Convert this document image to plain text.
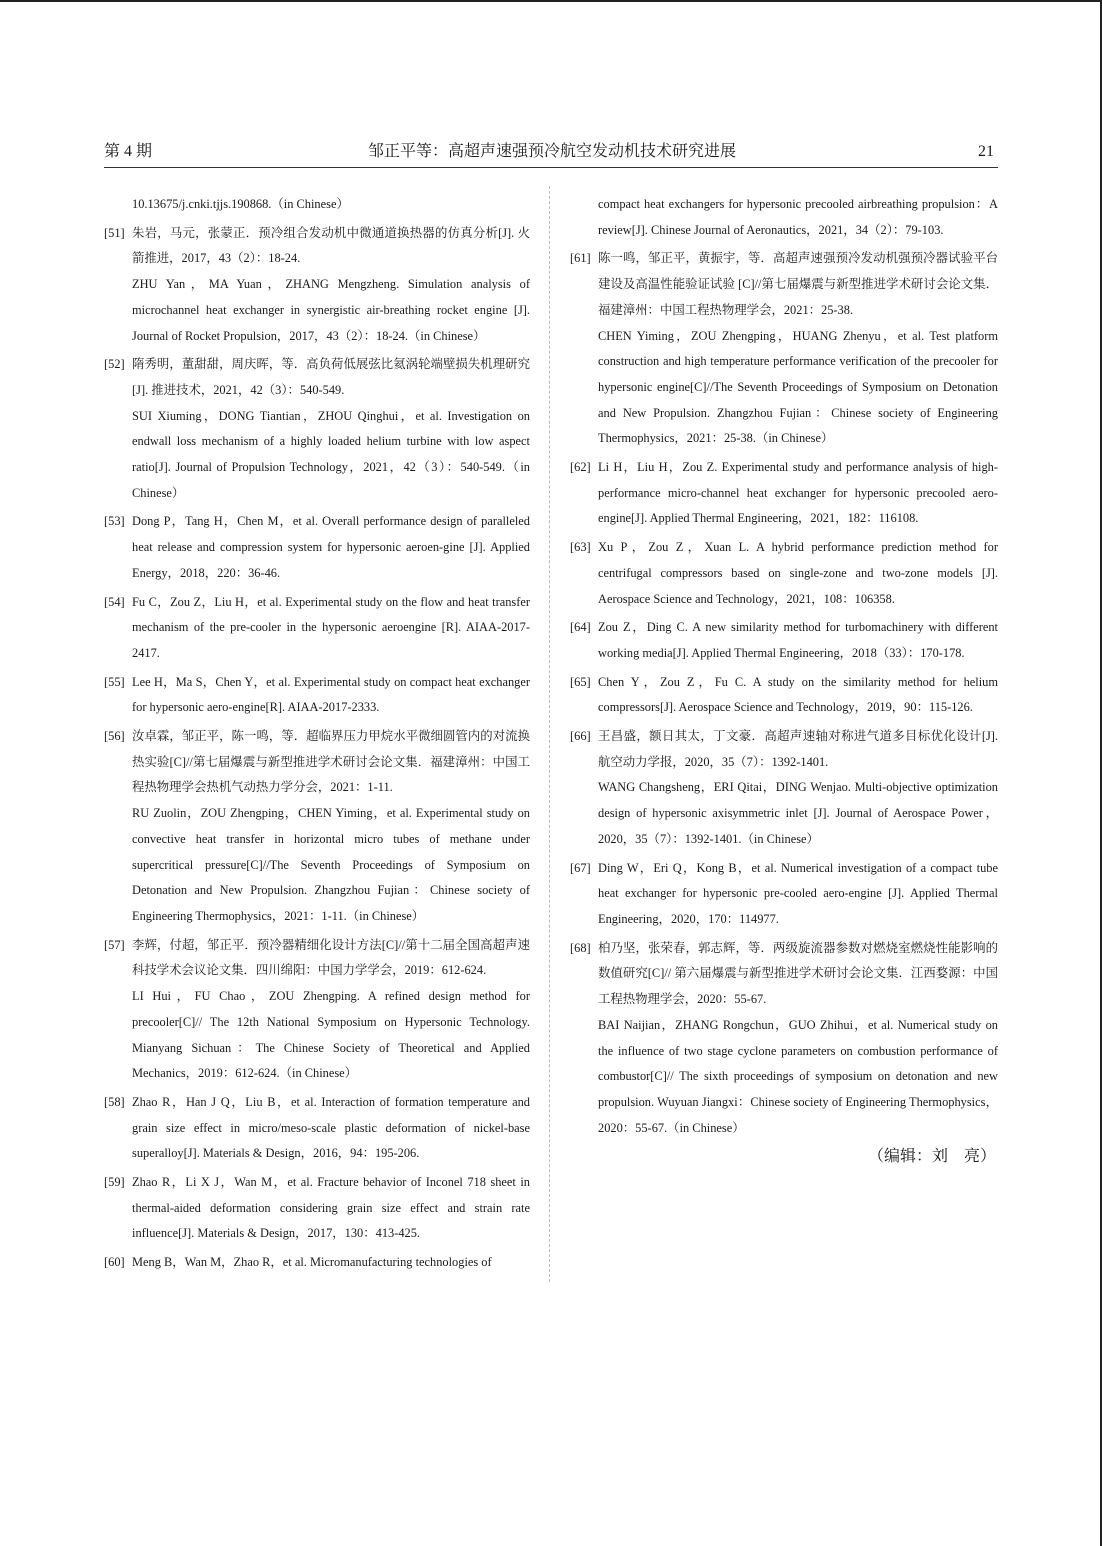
第 4 期	邹正平等：高超声速强预冷航空发动机技术研究进展	21
10.13675/j.cnki.tjjs.190868.（in Chinese）
[51] 朱岩，马元，张蒙正．预冷组合发动机中微通道换热器的仿真分析[J]. 火箭推进，2017，43（2）：18-24.
ZHU Yan，MA Yuan，ZHANG Mengzheng. Simulation analysis of microchannel heat exchanger in synergistic air-breathing rocket engine [J]. Journal of Rocket Propulsion，2017，43（2）：18-24.（in Chinese）
[52] 隋秀明，董甜甜，周庆晖，等．高负荷低展弦比氦涡轮端壁损失机理研究[J]. 推进技术，2021，42（3）：540-549.
SUI Xiuming，DONG Tiantian，ZHOU Qinghui，et al. Investigation on endwall loss mechanism of a highly loaded helium turbine with low aspect ratio[J]. Journal of Propulsion Technology，2021，42（3）：540-549.（in Chinese）
[53] Dong P，Tang H，Chen M，et al. Overall performance design of paralleled heat release and compression system for hypersonic aeroen-gine [J]. Applied Energy，2018，220：36-46.
[54] Fu C，Zou Z，Liu H，et al. Experimental study on the flow and heat transfer mechanism of the pre-cooler in the hypersonic aeroengine [R]. AIAA-2017-2417.
[55] Lee H，Ma S，Chen Y，et al. Experimental study on compact heat exchanger for hypersonic aero-engine[R]. AIAA-2017-2333.
[56] 汝卓霖，邹正平，陈一鸣，等．超临界压力甲烷水平微细圆管内的对流换热实验[C]//第七届爆震与新型推进学术研讨会论文集．福建漳州：中国工程热物理学会热机气动热力学分会，2021：1-11.
RU Zuolin，ZOU Zhengping，CHEN Yiming，et al. Experimental study on convective heat transfer in horizontal micro tubes of methane under supercritical pressure[C]//The Seventh Proceedings of Symposium on Detonation and New Propulsion. Zhangzhou Fujian：Chinese society of Engineering Thermophysics，2021：1-11.（in Chinese）
[57] 李辉，付超，邹正平．预冷器精细化设计方法[C]//第十二届全国高超声速科技学术会议论文集．四川绵阳：中国力学学会，2019：612-624.
LI Hui，FU Chao，ZOU Zhengping. A refined design method for precooler[C]// The 12th National Symposium on Hypersonic Technology. Mianyang Sichuan：The Chinese Society of Theoretical and Applied Mechanics，2019：612-624.（in Chinese）
[58] Zhao R，Han J Q，Liu B，et al. Interaction of formation temperature and grain size effect in micro/meso-scale plastic deformation of nickel-base superalloy[J]. Materials & Design，2016，94：195-206.
[59] Zhao R，Li X J，Wan M，et al. Fracture behavior of Inconel 718 sheet in thermal-aided deformation considering grain size effect and strain rate influence[J]. Materials & Design，2017，130：413-425.
[60] Meng B，Wan M，Zhao R，et al. Micromanufacturing technologies of
compact heat exchangers for hypersonic precooled airbreathing propulsion：A review[J]. Chinese Journal of Aeronautics，2021，34（2）：79-103.
[61] 陈一鸣，邹正平，黄振宇，等．高超声速强预冷发动机强预冷器试验平台建设及高温性能验证试验 [C]//第七届爆震与新型推进学术研讨会论文集．福建漳州：中国工程热物理学会，2021：25-38.
CHEN Yiming，ZOU Zhengping，HUANG Zhenyu，et al. Test platform construction and high temperature performance verification of the precooler for hypersonic engine[C]//The Seventh Proceedings of Symposium on Detonation and New Propulsion. Zhangzhou Fujian：Chinese society of Engineering Thermophysics，2021：25-38.（in Chinese）
[62] Li H，Liu H，Zou Z. Experimental study and performance analysis of high-performance micro-channel heat exchanger for hypersonic precooled aero-engine[J]. Applied Thermal Engineering，2021，182：116108.
[63] Xu P，Zou Z，Xuan L. A hybrid performance prediction method for centrifugal compressors based on single-zone and two-zone models [J]. Aerospace Science and Technology，2021，108：106358.
[64] Zou Z，Ding C. A new similarity method for turbomachinery with different working media[J]. Applied Thermal Engineering，2018（33）：170-178.
[65] Chen Y，Zou Z，Fu C. A study on the similarity method for helium compressors[J]. Aerospace Science and Technology，2019，90：115-126.
[66] 王昌盛，额日其太，丁文豪．高超声速轴对称进气道多目标优化设计[J]. 航空动力学报，2020，35（7）：1392-1401.
WANG Changsheng，ERI Qitai，DING Wenjao. Multi-objective optimization design of hypersonic axisymmetric inlet [J]. Journal of Aerospace Power，2020，35（7）：1392-1401.（in Chinese）
[67] Ding W，Eri Q，Kong B，et al. Numerical investigation of a compact tube heat exchanger for hypersonic pre-cooled aero-engine [J]. Applied Thermal Engineering，2020，170：114977.
[68] 柏乃坚，张荣春，郭志辉，等．两级旋流器参数对燃烧室燃烧性能影响的数值研究[C]// 第六届爆震与新型推进学术研讨会论文集．江西婺源：中国工程热物理学会，2020：55-67.
BAI Naijian，ZHANG Rongchun，GUO Zhihui，et al. Numerical study on the influence of two stage cyclone parameters on combustion performance of combustor[C]// The sixth proceedings of symposium on detonation and new propulsion. Wuyuan Jiangxi：Chinese society of Engineering Thermophysics，2020：55-67.（in Chinese）
（编辑：刘　亮）
